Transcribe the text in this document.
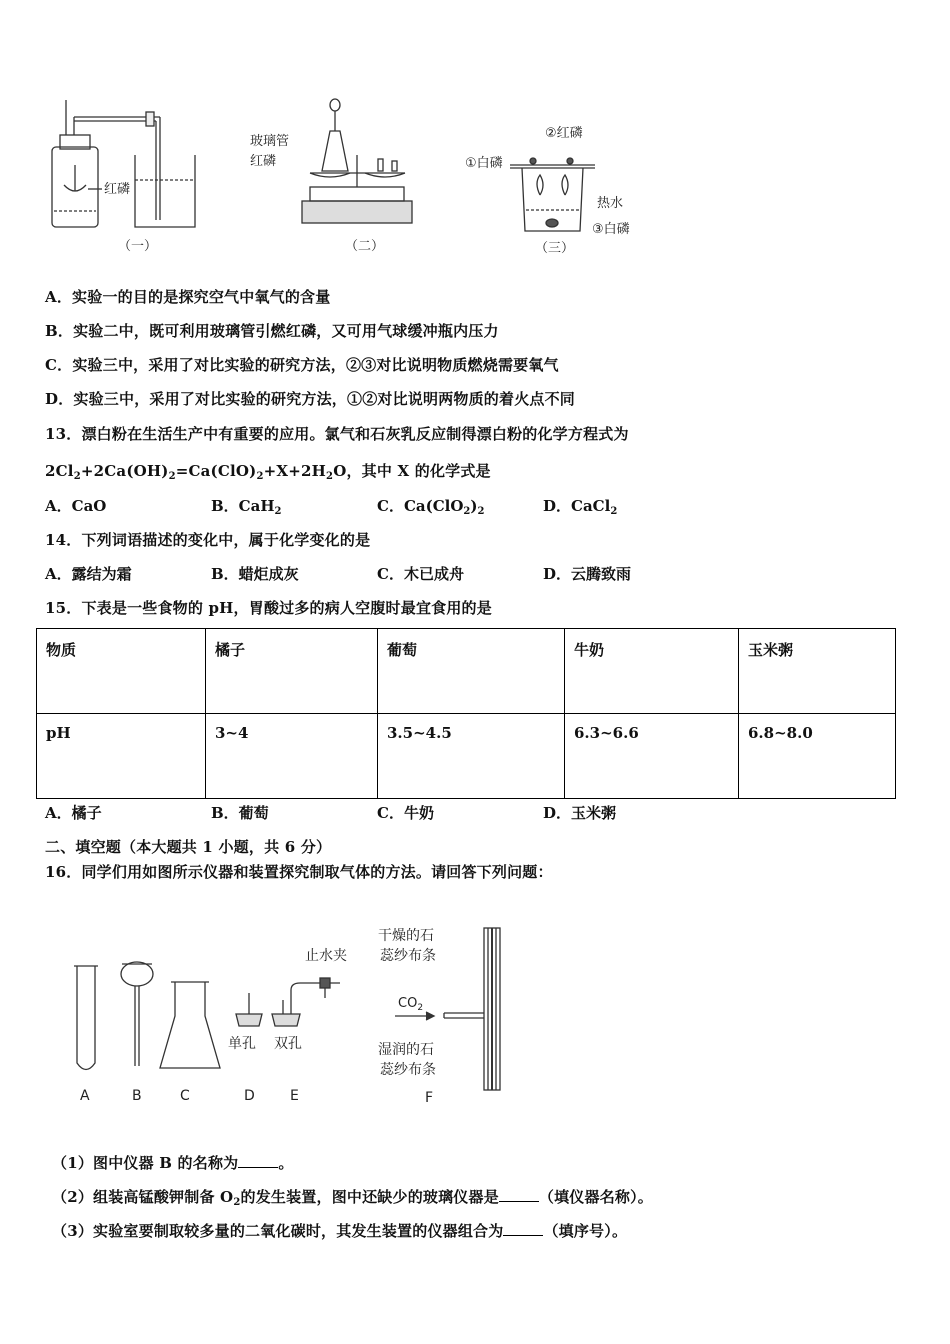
红磷
（一）
玻璃管
红磷
（二）
①白磷
②红磷
热水
③白磷
（三）
A．实验一的目的是探究空气中氧气的含量
B．实验二中，既可利用玻璃管引燃红磷，又可用气球缓冲瓶内压力
C．实验三中，采用了对比实验的研究方法，②③对比说明物质燃烧需要氧气
D．实验三中，采用了对比实验的研究方法，①②对比说明两物质的着火点不同
13．漂白粉在生活生产中有重要的应用。氯气和石灰乳反应制得漂白粉的化学方程式为
$2Cl_2+2Ca(OH)_2=Ca(ClO)_2+X+2H_2O$，其中 X 的化学式是
A．CaO	B．CaH$_2$	C．$Ca(ClO_2)_2$	D．CaCl$_2$
14．下列词语描述的变化中，属于化学变化的是
A．露结为霜	B．蜡炬成灰	C．木已成舟	D．云腾致雨
15．下表是一些食物的 pH，胃酸过多的病人空腹时最宜食用的是
物质	橘子	葡萄	牛奶	玉米粥
pH	3~4	3.5~4.5	6.3~6.6	6.8~8.0
A．橘子	B．葡萄	C．牛奶	D．玉米粥
二、填空题（本大题共 1 小题，共 6 分）
16．同学们用如图所示仪器和装置探究制取气体的方法。请回答下列问题：
止水夹
单孔 双孔
干燥的石
蕊纱布条
湿润的石
蕊纱布条
$CO_2$
A	B	C	D	E	F
（1）图中仪器 B 的名称为	。
（2）组装高锰酸钾制备 $O_2$的发生装置，图中还缺少的玻璃仪器是	（填仪器名称）。
（3）实验室要制取较多量的二氧化碳时，其发生装置的仪器组合为	（填序号）。
